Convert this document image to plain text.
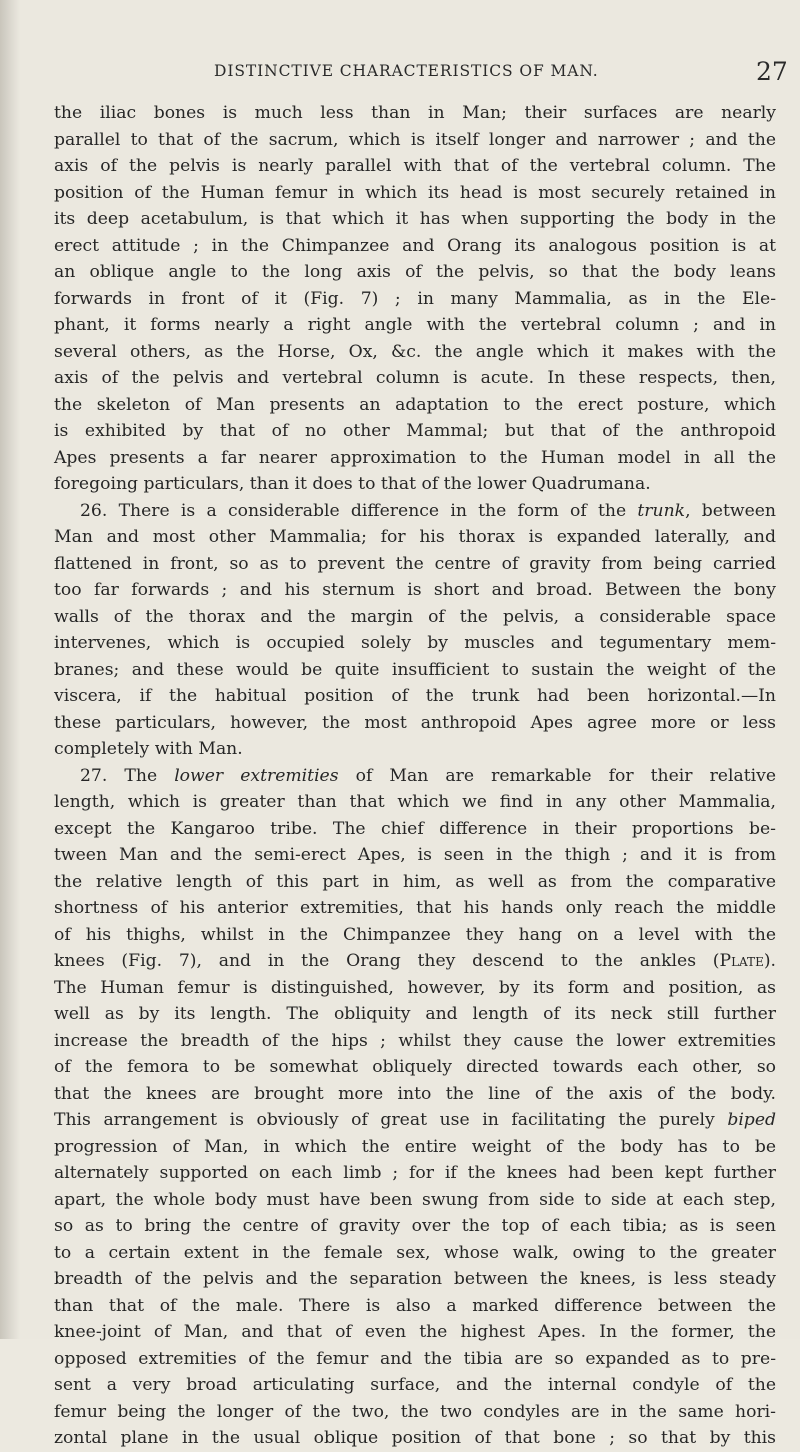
DISTINCTIVE CHARACTERISTICS OF MAN.	27
the iliac bones is much less than in Man; their surfaces are nearly
parallel to that of the sacrum, which is itself longer and narrower ; and the
axis of the pelvis is nearly parallel with that of the vertebral column. The
position of the Human femur in which its head is most securely retained in
its deep acetabulum, is that which it has when supporting the body in the
erect attitude ; in the Chimpanzee and Orang its analogous position is at
an oblique angle to the long axis of the pelvis, so that the body leans
forwards in front of it (Fig. 7) ; in many Mammalia, as in the Ele-
phant, it forms nearly a right angle with the vertebral column ; and in
several others, as the Horse, Ox, &c. the angle which it makes with the
axis of the pelvis and vertebral column is acute. In these respects, then,
the skeleton of Man presents an adaptation to the erect posture, which
is exhibited by that of no other Mammal; but that of the anthropoid
Apes presents a far nearer approximation to the Human model in all the
foregoing particulars, than it does to that of the lower Quadrumana.
26. There is a considerable difference in the form of the trunk, between
Man and most other Mammalia; for his thorax is expanded laterally, and
flattened in front, so as to prevent the centre of gravity from being carried
too far forwards ; and his sternum is short and broad. Between the bony
walls of the thorax and the margin of the pelvis, a considerable space
intervenes, which is occupied solely by muscles and tegumentary mem-
branes; and these would be quite insufficient to sustain the weight of the
viscera, if the habitual position of the trunk had been horizontal.—In
these particulars, however, the most anthropoid Apes agree more or less
completely with Man.
27. The lower extremities of Man are remarkable for their relative
length, which is greater than that which we find in any other Mammalia,
except the Kangaroo tribe. The chief difference in their proportions be-
tween Man and the semi-erect Apes, is seen in the thigh ; and it is from
the relative length of this part in him, as well as from the comparative
shortness of his anterior extremities, that his hands only reach the middle
of his thighs, whilst in the Chimpanzee they hang on a level with the
knees (Fig. 7), and in the Orang they descend to the ankles (Plate).
The Human femur is distinguished, however, by its form and position, as
well as by its length. The obliquity and length of its neck still further
increase the breadth of the hips ; whilst they cause the lower extremities
of the femora to be somewhat obliquely directed towards each other, so
that the knees are brought more into the line of the axis of the body.
This arrangement is obviously of great use in facilitating the purely biped
progression of Man, in which the entire weight of the body has to be
alternately supported on each limb ; for if the knees had been kept further
apart, the whole body must have been swung from side to side at each step,
so as to bring the centre of gravity over the top of each tibia; as is seen
to a certain extent in the female sex, whose walk, owing to the greater
breadth of the pelvis and the separation between the knees, is less steady
than that of the male. There is also a marked difference between the
knee-joint of Man, and that of even the highest Apes. In the former, the
opposed extremities of the femur and the tibia are so expanded as to pre-
sent a very broad articulating surface, and the internal condyle of the
femur being the longer of the two, the two condyles are in the same hori-
zontal plane in the usual oblique position of that bone ; so that by this
